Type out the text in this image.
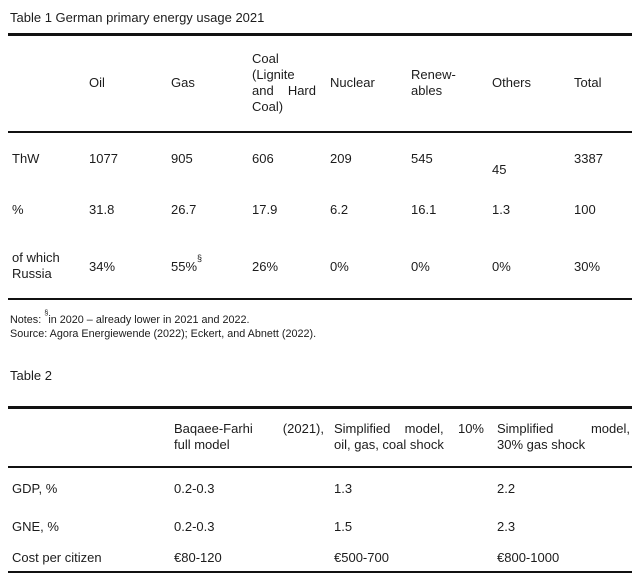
Table 1 German primary energy usage 2021

	Oil	Gas	Coal
(Lignite
and Hard
Coal)	Nuclear	Renew-
ables	Others	Total

ThW	1077	905	606	209	545	45	3387
%	31.8	26.7	17.9	6.2	16.1	1.3	100

of which
Russia	34%	55%§	26%	0%	0%	0%	30%
Notes: §in 2020 – already lower in 2021 and 2022.
Source: Agora Energiewende (2022); Eckert, and Abnett (2022).
Table 2

	Baqaee-Farhi (2021),
full model	Simplified model, 10%
oil, gas, coal shock	Simplified model,
30% gas shock

GDP, %	0.2-0.3	1.3	2.2
GNE, %	0.2-0.3	1.5	2.3
Cost per citizen	€80-120	€500-700	€800-1000
